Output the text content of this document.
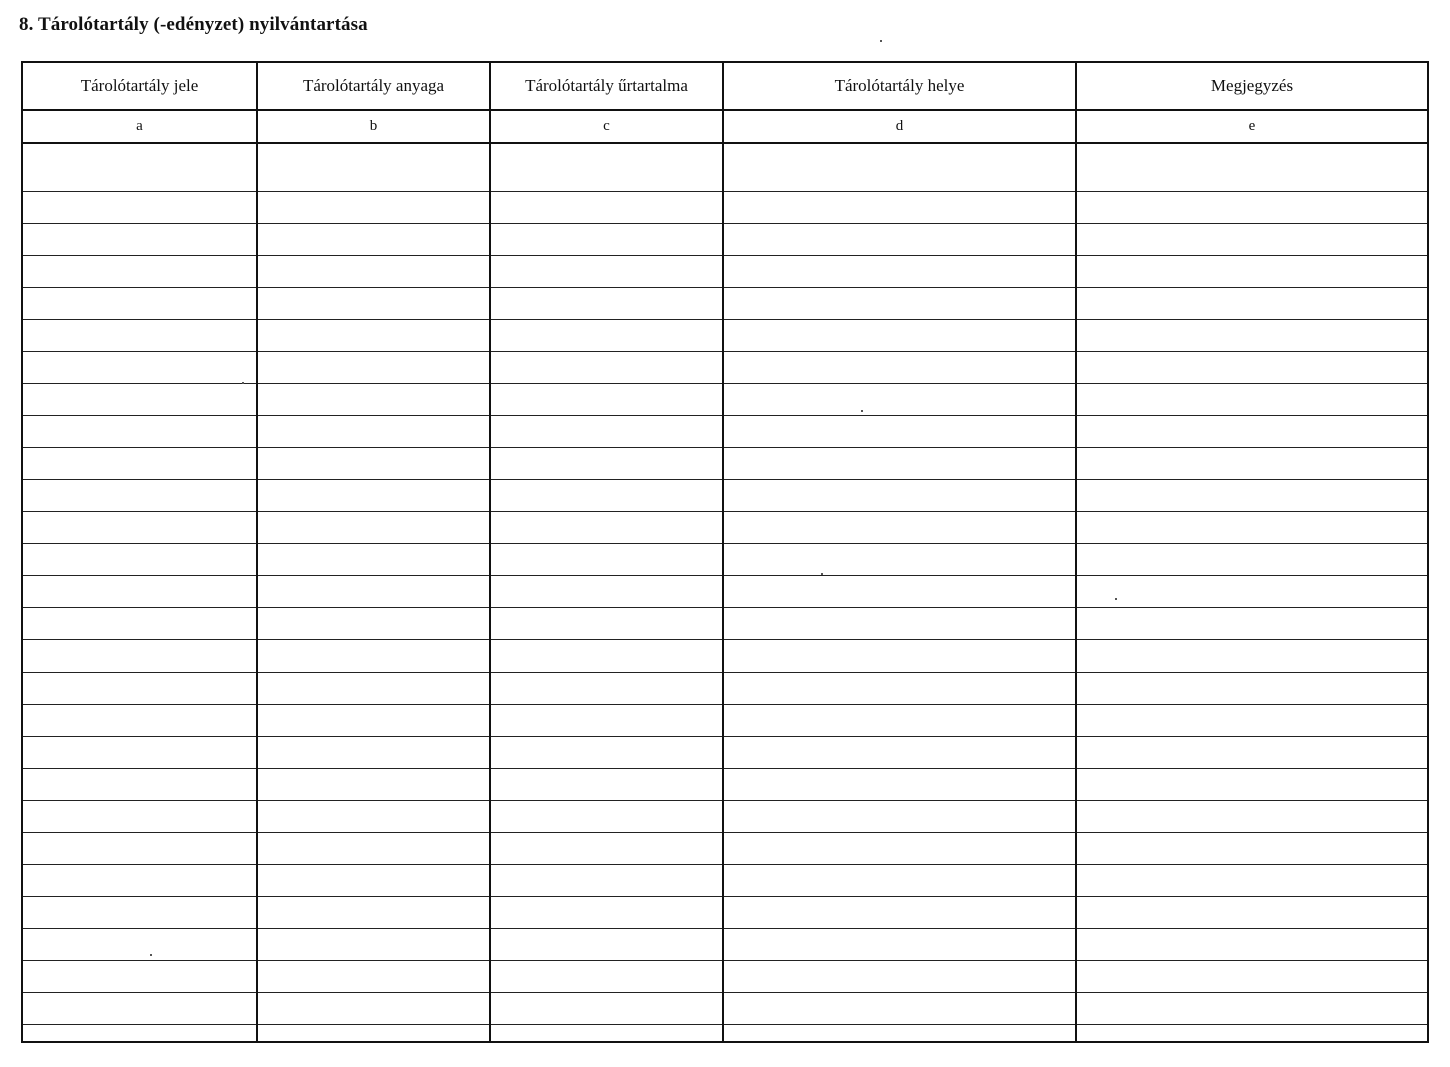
8. Tárolótartály (-edényzet) nyilvántartása
Tárolótartály jele	Tárolótartály anyaga	Tárolótartály űrtartalma	Tárolótartály helye	Megjegyzés
a	b	c	d	e
